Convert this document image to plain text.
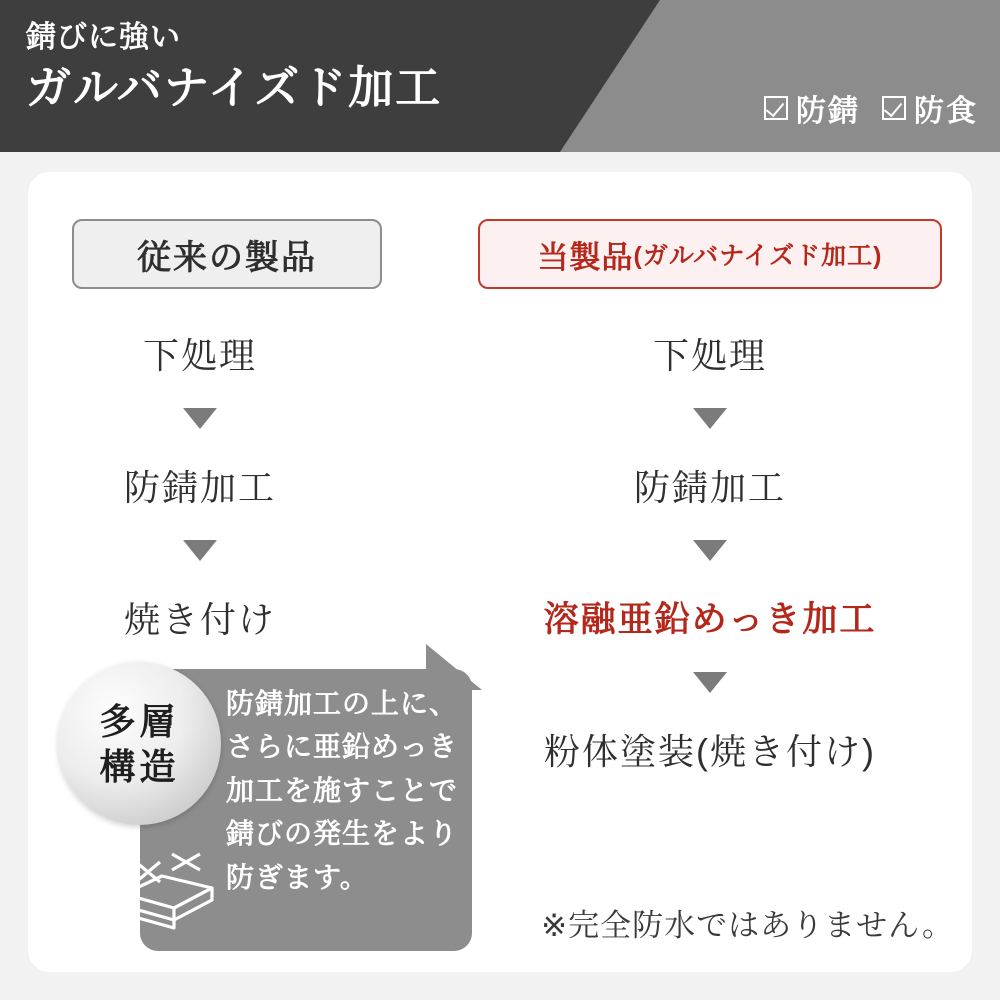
錆びに強い
ガルバナイズド加工	防錆 防食
従来の製品	当製品 (ガルバナイズド加工)
下処理
防錆加工
焼き付け
下処理
防錆加工
溶融亜鉛めっき加工
粉体塗装(焼き付け)
防錆加工の上に、
さらに亜鉛めっき
加工を施すことで
錆びの発生をより
防ぎます。
多層
構造
※完全防水ではありません。
